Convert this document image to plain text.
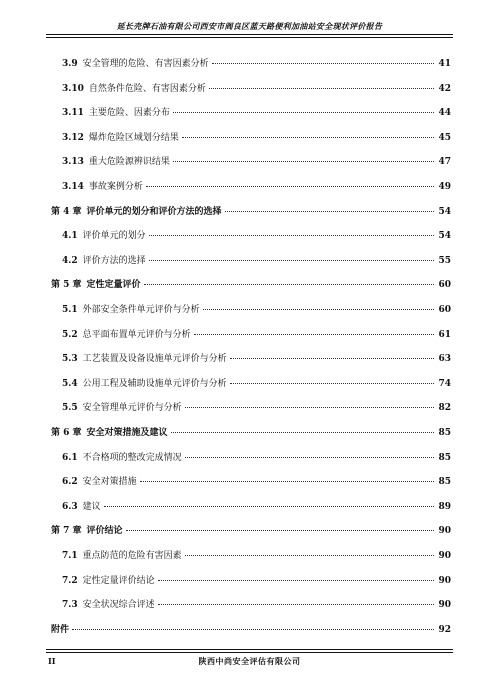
延长壳牌石油有限公司西安市阎良区蓝天路便利加油站安全现状评价报告
3.9 安全管理的危险、有害因素分析	41
3.10 自然条件危险、有害因素分析	42
3.11 主要危险、因素分布	44
3.12 爆炸危险区域划分结果	45
3.13 重大危险源辨识结果	47
3.14 事故案例分析	49
第 4 章 评价单元的划分和评价方法的选择	54
4.1 评价单元的划分	54
4.2 评价方法的选择	55
第 5 章 定性定量评价	60
5.1 外部安全条件单元评价与分析	60
5.2 总平面布置单元评价与分析	61
5.3 工艺装置及设备设施单元评价与分析	63
5.4 公用工程及辅助设施单元评价与分析	74
5.5 安全管理单元评价与分析	82
第 6 章 安全对策措施及建议	85
6.1 不合格项的整改完成情况	85
6.2 安全对策措施	85
6.3 建议	89
第 7 章 评价结论	90
7.1 重点防范的危险有害因素	90
7.2 定性定量评价结论	90
7.3 安全状况综合评述	90
附件	92
II	陕西中尚安全评估有限公司
